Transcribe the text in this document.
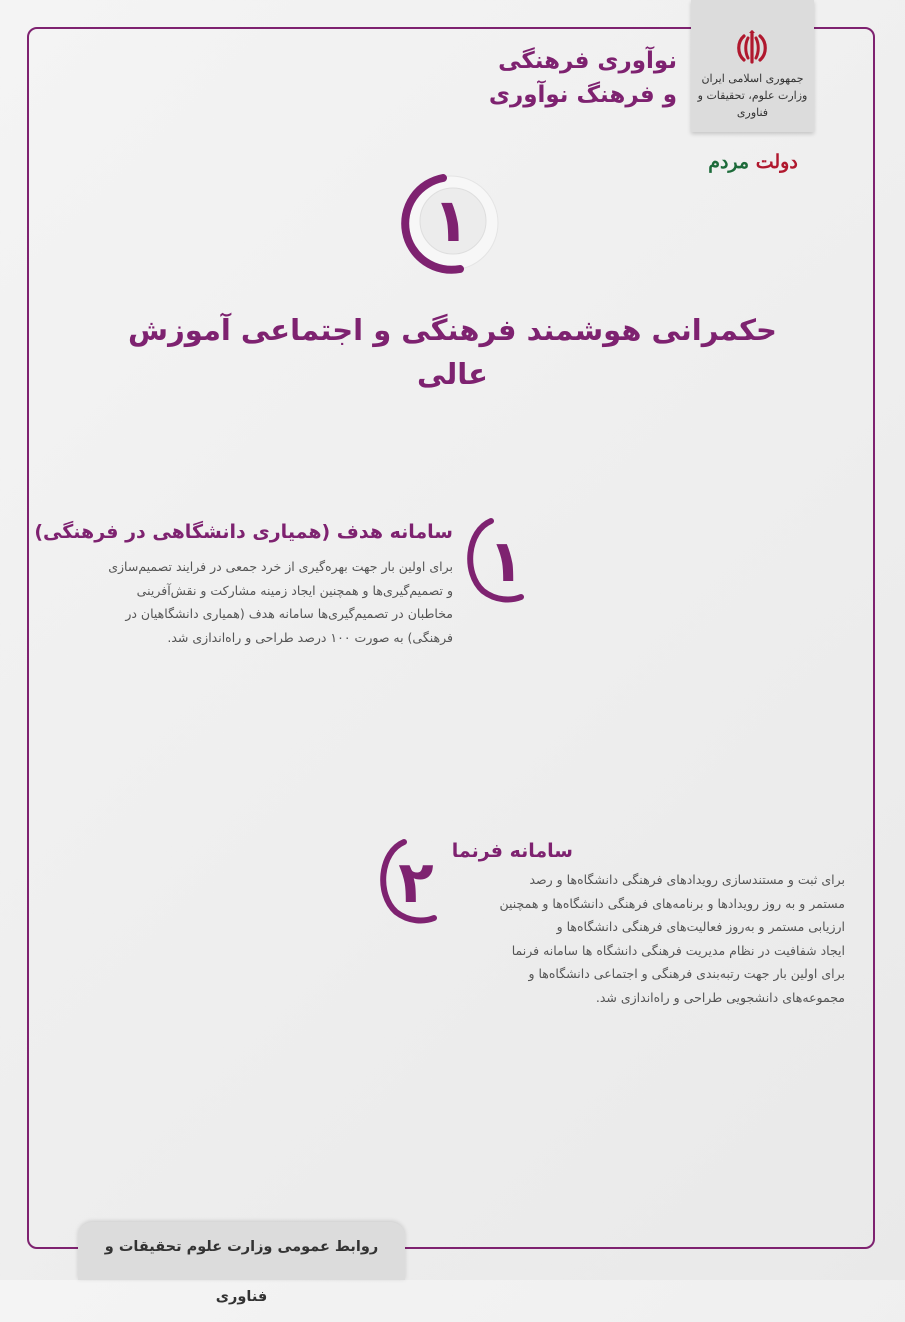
جمهوری اسلامی ایران
وزارت علوم، تحقیقات و فناوری
نوآوری فرهنگی
و فرهنگ نوآوری
دولت مردم
۱
حکمرانی هوشمند فرهنگی و اجتماعی آموزش عالی
۱
سامانه هدف (همیاری دانشگاهی در فرهنگی)
برای اولین بار جهت بهره‌گیری از خرد جمعی در فرایند تصمیم‌سازی
و تصمیم‌گیری‌ها و همچنین ایجاد زمینه مشارکت و نقش‌آفرینی
مخاطبان در تصمیم‌گیری‌ها سامانه هدف (همیاری دانشگاهیان در
فرهنگی) به صورت ۱۰۰ درصد طراحی و راه‌اندازی شد.
۲ سامانه فرنما
برای ثبت و مستندسازی رویدادهای فرهنگی دانشگاه‌ها و رصد
مستمر و به روز رویدادها و برنامه‌های فرهنگی دانشگاه‌ها و همچنین
ارزیابی مستمر و به‌روز فعالیت‌های فرهنگی دانشگاه‌ها و
ایجاد شفافیت در نظام مدیریت فرهنگی دانشگاه ها سامانه فرنما
برای اولین بار جهت رتبه‌بندی فرهنگی و اجتماعی دانشگاه‌ها و
مجموعه‌های دانشجویی طراحی و راه‌اندازی شد.
روابط عمومی وزارت علوم تحقیقات و فناوری
